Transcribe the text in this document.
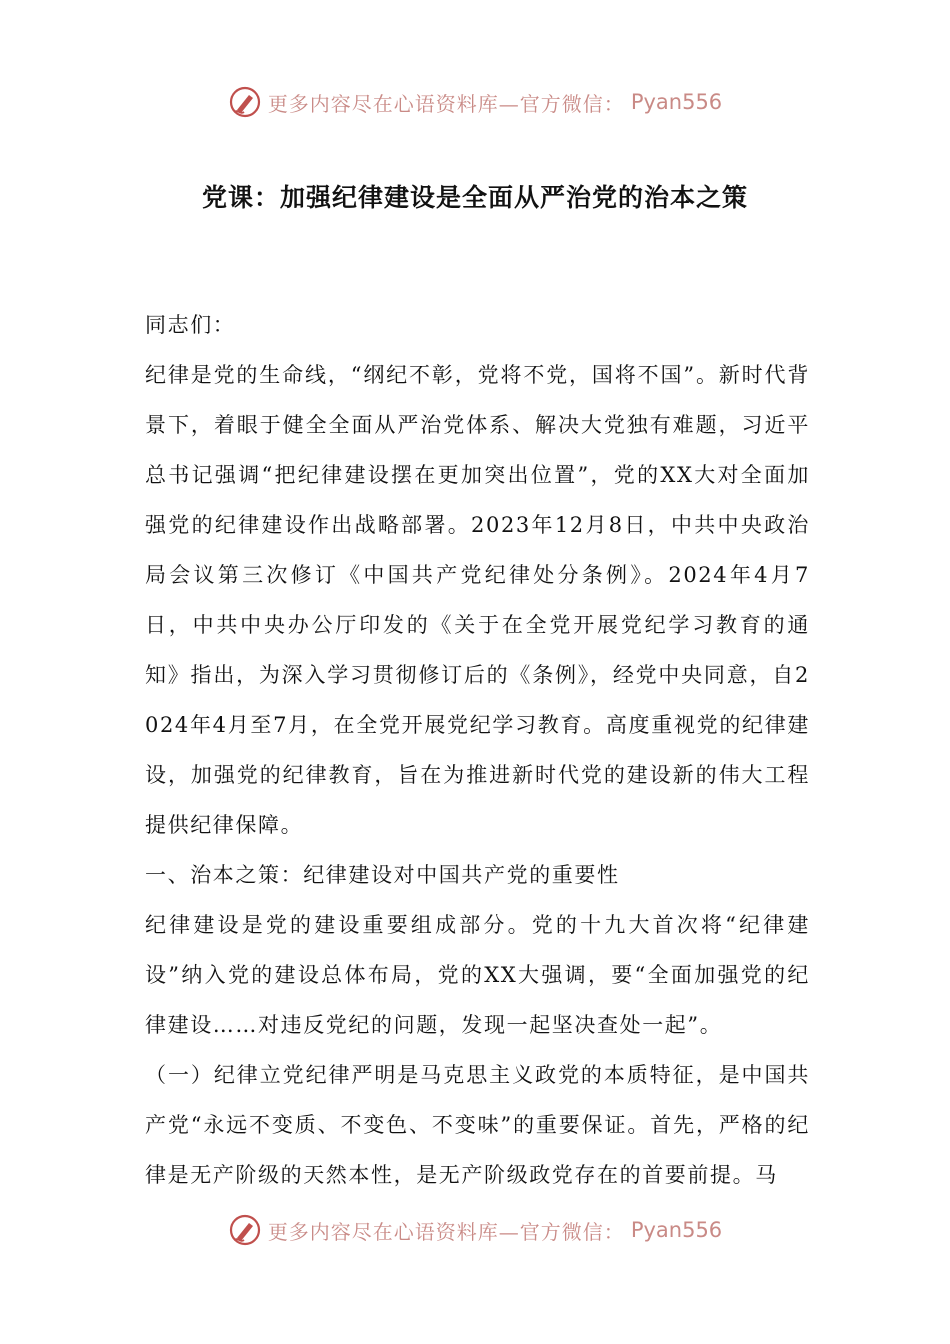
更多内容尽在心语资料库—官方微信： Pyan556
党课：加强纪律建设是全面从严治党的治本之策

同志们：

纪律是党的生命线，“纲纪不彰，党将不党，国将不国”。新时代背景下，着眼于健全全面从严治党体系、解决大党独有难题，习近平总书记强调“把纪律建设摆在更加突出位置”，党的XX大对全面加强党的纪律建设作出战略部署。2023年12月8日，中共中央政治局会议第三次修订《中国共产党纪律处分条例》。2024年4月7日，中共中央办公厅印发的《关于在全党开展党纪学习教育的通知》指出，为深入学习贯彻修订后的《条例》，经党中央同意，自2024年4月至7月，在全党开展党纪学习教育。高度重视党的纪律建设，加强党的纪律教育，旨在为推进新时代党的建设新的伟大工程提供纪律保障。

一、治本之策：纪律建设对中国共产党的重要性

纪律建设是党的建设重要组成部分。党的十九大首次将“纪律建设”纳入党的建设总体布局，党的XX大强调，要“全面加强党的纪律建设……对违反党纪的问题，发现一起坚决查处一起”。

（一）纪律立党纪律严明是马克思主义政党的本质特征，是中国共产党“永远不变质、不变色、不变味”的重要保证。首先，严格的纪律是无产阶级的天然本性，是无产阶级政党存在的首要前提。马

更多内容尽在心语资料库—官方微信： Pyan556
